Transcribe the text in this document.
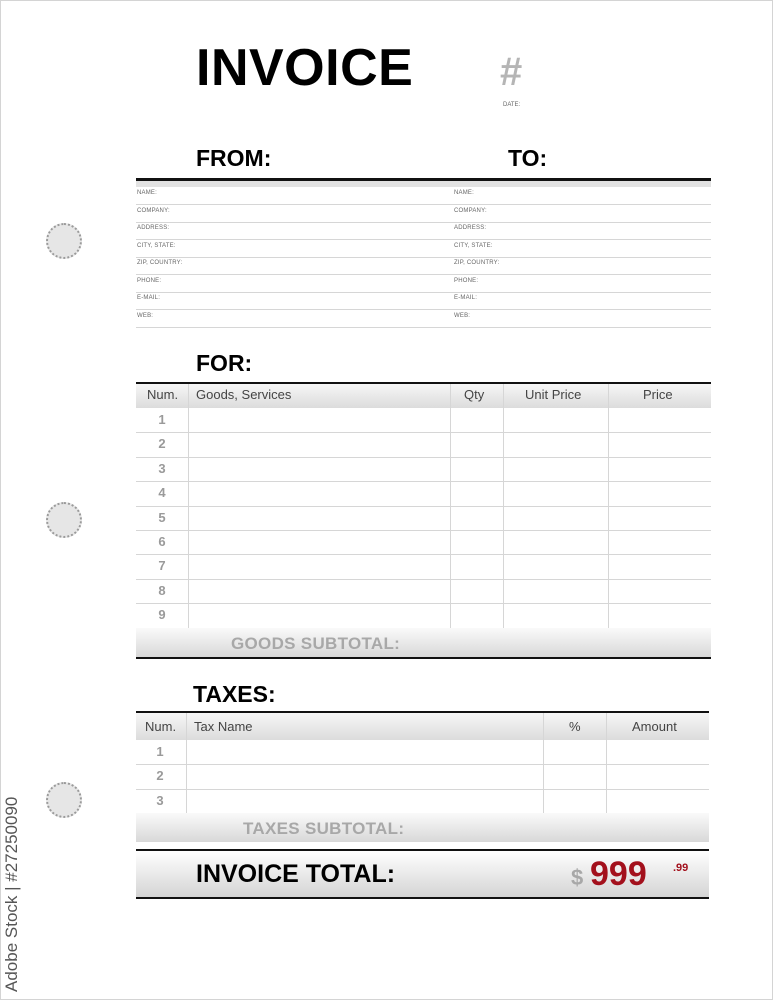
INVOICE #
DATE:
FROM:	TO:
NAME:	NAME:
COMPANY:	COMPANY:
ADDRESS:	ADDRESS:
CITY, STATE:	CITY, STATE:
ZIP, COUNTRY:	ZIP, COUNTRY:
PHONE:	PHONE:
E-MAIL:	E-MAIL:
WEB:	WEB:
FOR:
Num. Goods, Services	Qty	Unit Price	Price
1
2
3
4
5
6
7
8
9
GOODS SUBTOTAL:
TAXES:
Num. Tax Name	%	Amount
1
2
3
TAXES SUBTOTAL:
INVOICE TOTAL:	$ 999 .99
Adobe Stock | #27250090
